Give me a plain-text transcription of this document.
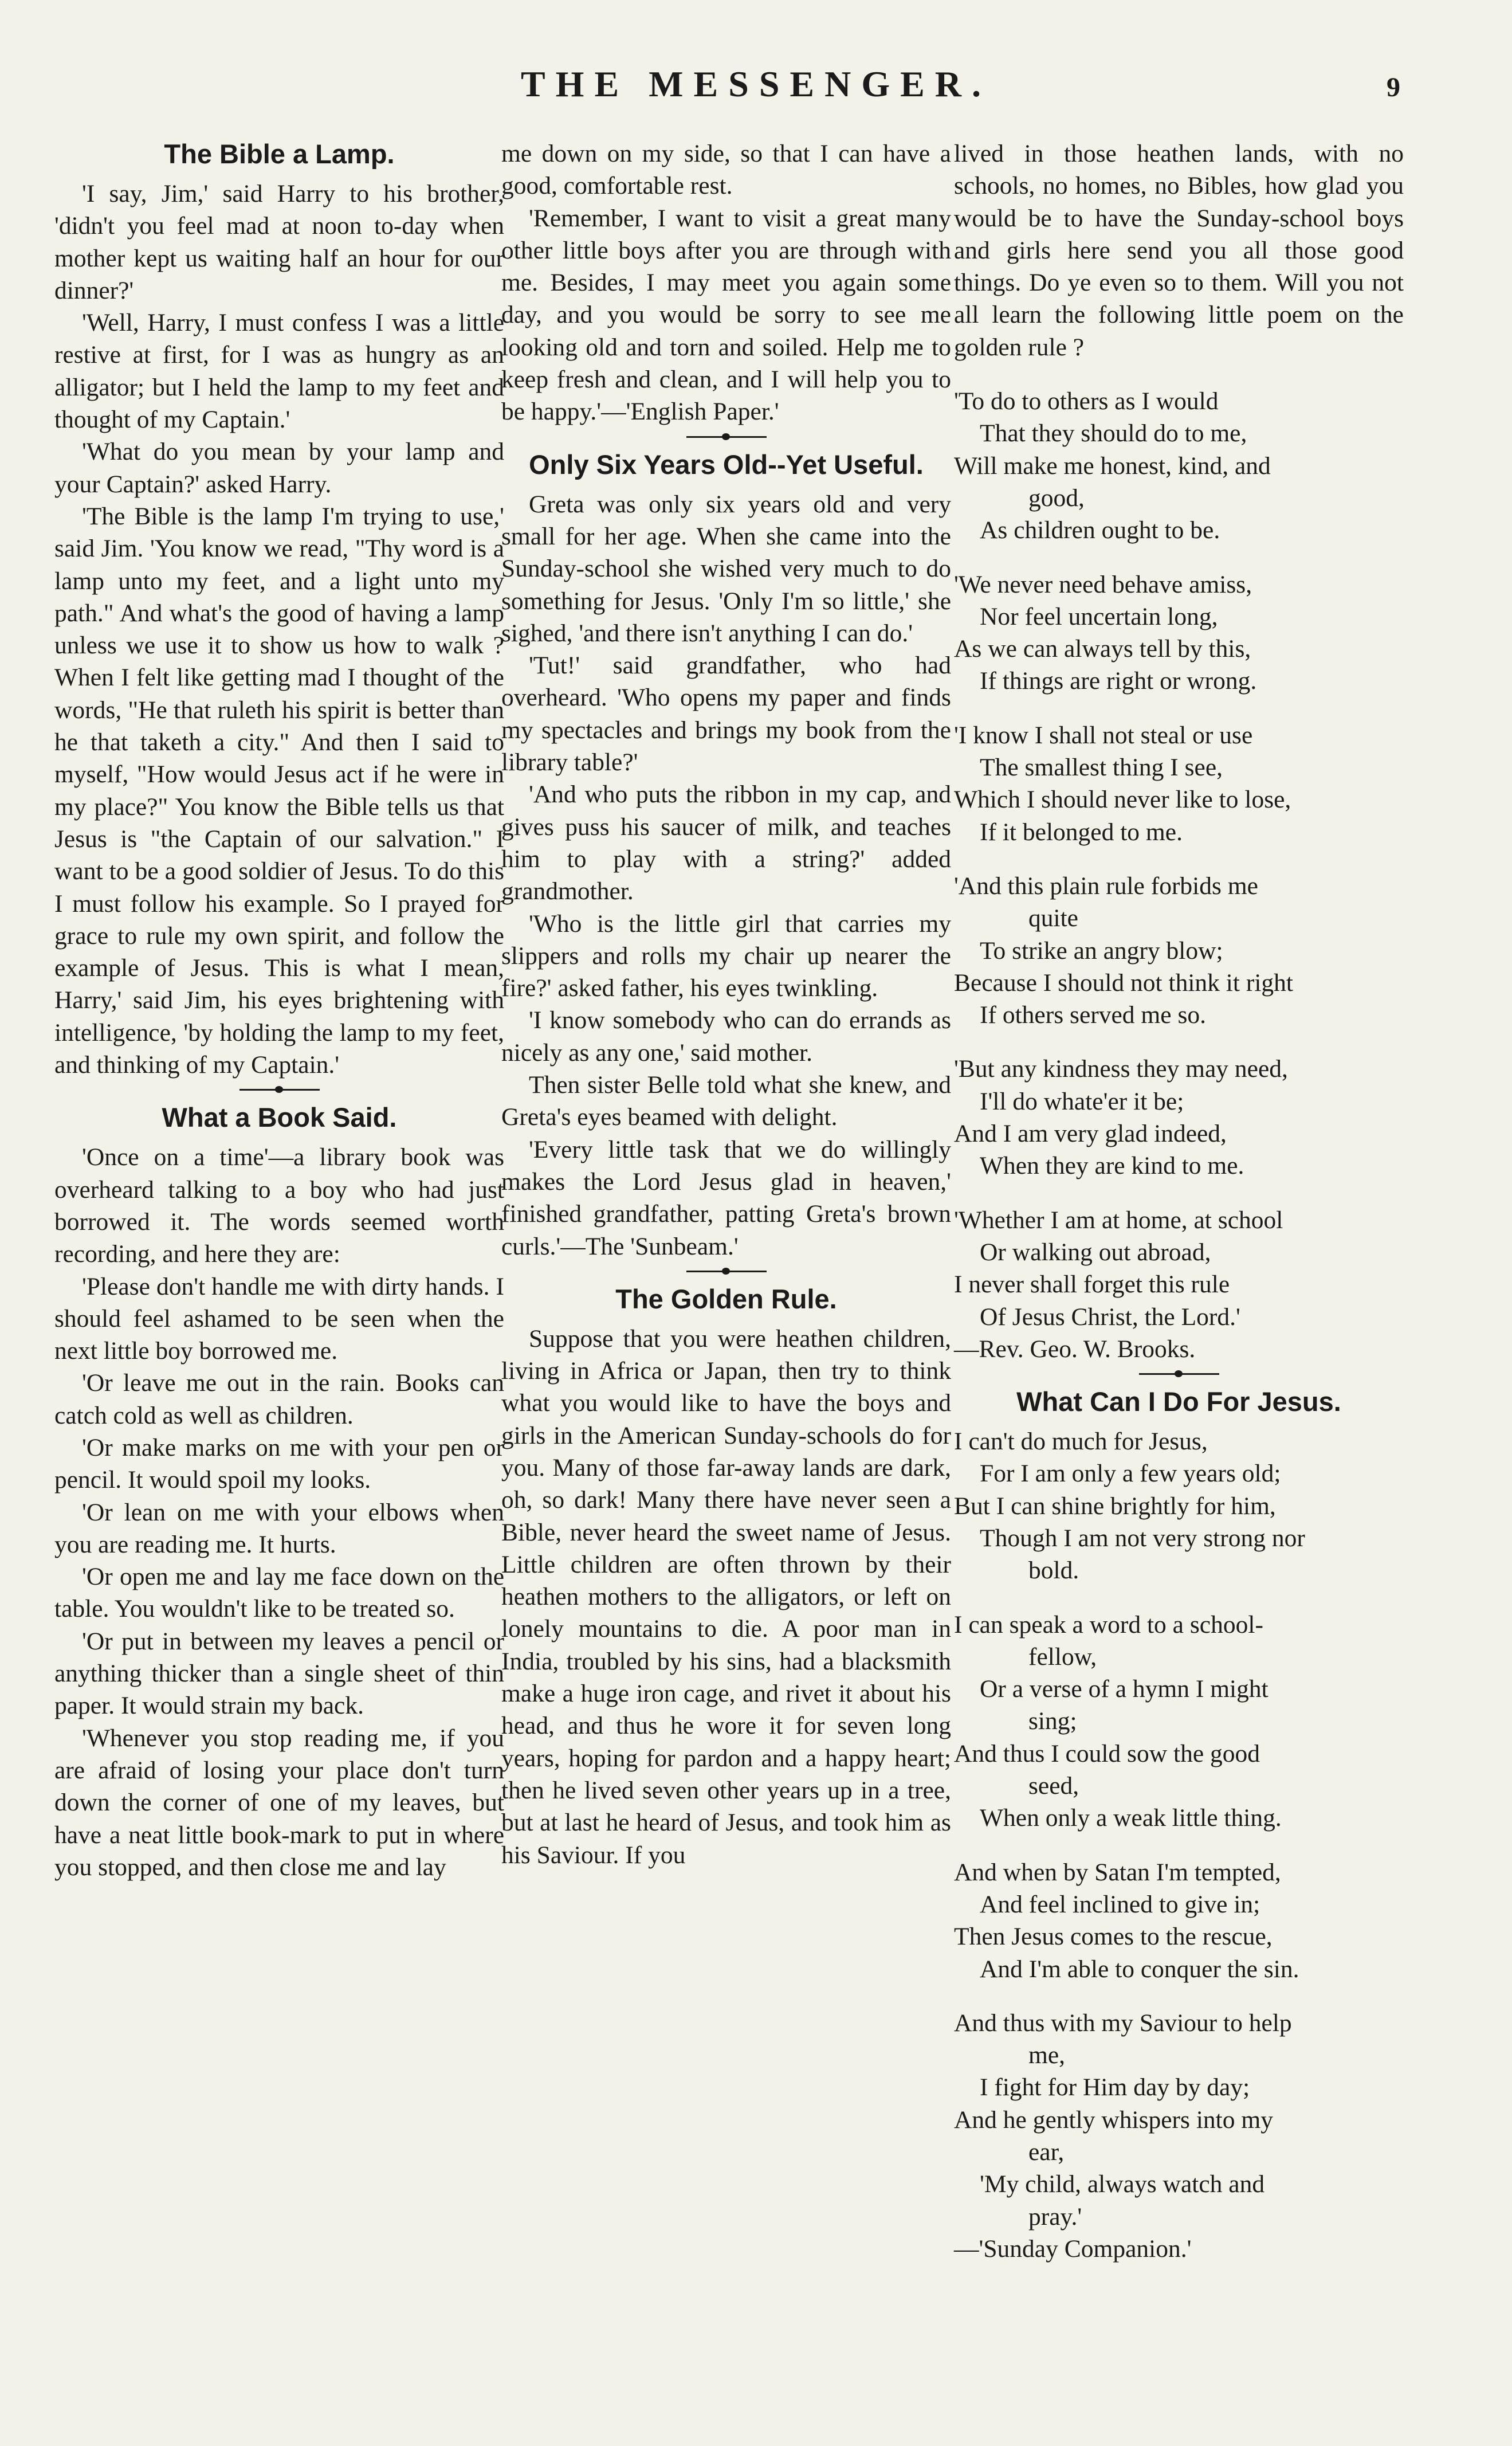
THE MESSENGER.	9
The Bible a Lamp.

'I say, Jim,' said Harry to his brother, 'didn't you feel mad at noon to-day when mother kept us waiting half an hour for our dinner?'

'Well, Harry, I must confess I was a little restive at first, for I was as hungry as an alligator; but I held the lamp to my feet and thought of my Captain.'

'What do you mean by your lamp and your Captain?' asked Harry.

'The Bible is the lamp I'm trying to use,' said Jim. 'You know we read, "Thy word is a lamp unto my feet, and a light unto my path." And what's the good of having a lamp unless we use it to show us how to walk ? When I felt like getting mad I thought of the words, "He that ruleth his spirit is better than he that taketh a city." And then I said to myself, "How would Jesus act if he were in my place?" You know the Bible tells us that Jesus is "the Captain of our salvation." I want to be a good soldier of Jesus. To do this I must follow his example. So I prayed for grace to rule my own spirit, and follow the example of Jesus. This is what I mean, Harry,' said Jim, his eyes brightening with intelligence, 'by holding the lamp to my feet, and thinking of my Captain.'

What a Book Said.

'Once on a time'—a library book was overheard talking to a boy who had just borrowed it. The words seemed worth recording, and here they are:

'Please don't handle me with dirty hands. I should feel ashamed to be seen when the next little boy borrowed me.

'Or leave me out in the rain. Books can catch cold as well as children.

'Or make marks on me with your pen or pencil. It would spoil my looks.

'Or lean on me with your elbows when you are reading me. It hurts.

'Or open me and lay me face down on the table. You wouldn't like to be treated so.

'Or put in between my leaves a pencil or anything thicker than a single sheet of thin paper. It would strain my back.

'Whenever you stop reading me, if you are afraid of losing your place don't turn down the corner of one of my leaves, but have a neat little book-mark to put in where you stopped, and then close me and lay

me down on my side, so that I can have a good, comfortable rest.

'Remember, I want to visit a great many other little boys after you are through with me. Besides, I may meet you again some day, and you would be sorry to see me looking old and torn and soiled. Help me to keep fresh and clean, and I will help you to be happy.'—'English Paper.'

Only Six Years Old--Yet Useful.

Greta was only six years old and very small for her age. When she came into the Sunday-school she wished very much to do something for Jesus. 'Only I'm so little,' she sighed, 'and there isn't anything I can do.'

'Tut!' said grandfather, who had overheard. 'Who opens my paper and finds my spectacles and brings my book from the library table?'

'And who puts the ribbon in my cap, and gives puss his saucer of milk, and teaches him to play with a string?' added grandmother.

'Who is the little girl that carries my slippers and rolls my chair up nearer the fire?' asked father, his eyes twinkling.

'I know somebody who can do errands as nicely as any one,' said mother.

Then sister Belle told what she knew, and Greta's eyes beamed with delight.

'Every little task that we do willingly makes the Lord Jesus glad in heaven,' finished grandfather, patting Greta's brown curls.'—The 'Sunbeam.'

The Golden Rule.

Suppose that you were heathen children, living in Africa or Japan, then try to think what you would like to have the boys and girls in the American Sunday-schools do for you. Many of those far-away lands are dark, oh, so dark! Many there have never seen a Bible, never heard the sweet name of Jesus. Little children are often thrown by their heathen mothers to the alligators, or left on lonely mountains to die. A poor man in India, troubled by his sins, had a blacksmith make a huge iron cage, and rivet it about his head, and thus he wore it for seven long years, hoping for pardon and a happy heart; then he lived seven other years up in a tree, but at last he heard of Jesus, and took him as his Saviour. If you

lived in those heathen lands, with no schools, no homes, no Bibles, how glad you would be to have the Sunday-school boys and girls here send you all those good things. Do ye even so to them. Will you not all learn the following little poem on the golden rule ?

'To do to others as I would
That they should do to me,
Will make me honest, kind, and
good,
As children ought to be.
'We never need behave amiss,
Nor feel uncertain long,
As we can always tell by this,
If things are right or wrong.
'I know I shall not steal or use
The smallest thing I see,
Which I should never like to lose,
If it belonged to me.
'And this plain rule forbids me
quite
To strike an angry blow;
Because I should not think it right
If others served me so.
'But any kindness they may need,
I'll do whate'er it be;
And I am very glad indeed,
When they are kind to me.
'Whether I am at home, at school
Or walking out abroad,
I never shall forget this rule
Of Jesus Christ, the Lord.'

—Rev. Geo. W. Brooks.

What Can I Do For Jesus.
I can't do much for Jesus,
For I am only a few years old;
But I can shine brightly for him,
Though I am not very strong nor
bold.
I can speak a word to a school-
fellow,
Or a verse of a hymn I might
sing;
And thus I could sow the good
seed,
When only a weak little thing.
And when by Satan I'm tempted,
And feel inclined to give in;
Then Jesus comes to the rescue,
And I'm able to conquer the sin.
And thus with my Saviour to help
me,
I fight for Him day by day;
And he gently whispers into my
ear,
'My child, always watch and
pray.'

—'Sunday Companion.'
